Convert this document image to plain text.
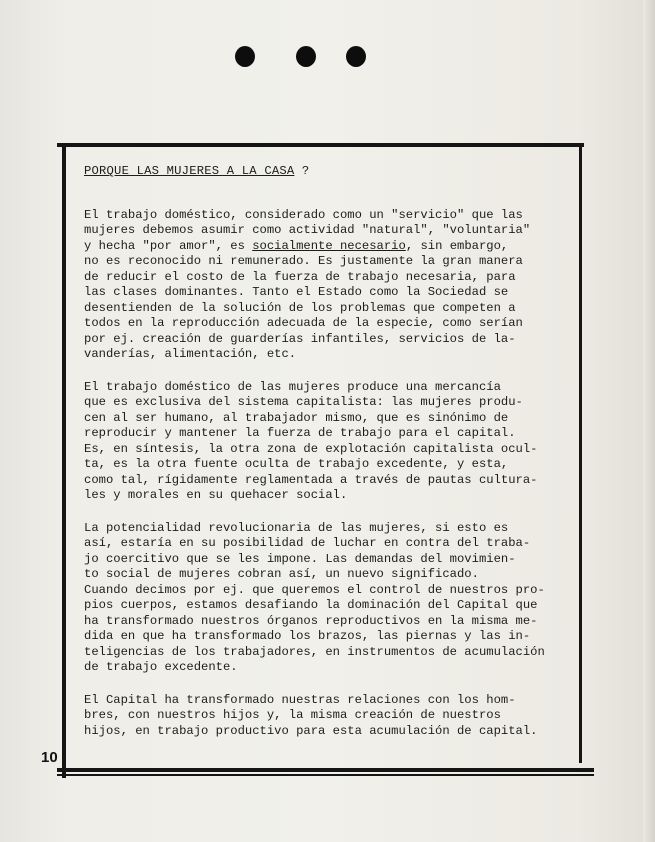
10
PORQUE LAS MUJERES A LA CASA ?
El trabajo doméstico, considerado como un "servicio" que las
mujeres debemos asumir como actividad "natural", "voluntaria"
y hecha "por amor", es socialmente necesario, sin embargo,
no es reconocido ni remunerado. Es justamente la gran manera
de reducir el costo de la fuerza de trabajo necesaria, para
las clases dominantes. Tanto el Estado como la Sociedad se
desentienden de la solución de los problemas que competen a
todos en la reproducción adecuada de la especie, como serían
por ej. creación de guarderías infantiles, servicios de la-
vanderías, alimentación, etc.
El trabajo doméstico de las mujeres produce una mercancía
que es exclusiva del sistema capitalista: las mujeres produ-
cen al ser humano, al trabajador mismo, que es sinónimo de
reproducir y mantener la fuerza de trabajo para el capital.
Es, en síntesis, la otra zona de explotación capitalista ocul-
ta, es la otra fuente oculta de trabajo excedente, y esta,
como tal, rígidamente reglamentada a través de pautas cultura-
les y morales en su quehacer social.
La potencialidad revolucionaria de las mujeres, si esto es
así, estaría en su posibilidad de luchar en contra del traba-
jo coercitivo que se les impone. Las demandas del movimien-
to social de mujeres cobran así, un nuevo significado.
Cuando decimos por ej. que queremos el control de nuestros pro-
pios cuerpos, estamos desafiando la dominación del Capital que
ha transformado nuestros órganos reproductivos en la misma me-
dida en que ha transformado los brazos, las piernas y las in-
teligencias de los trabajadores, en instrumentos de acumulación
de trabajo excedente.
El Capital ha transformado nuestras relaciones con los hom-
bres, con nuestros hijos y, la misma creación de nuestros
hijos, en trabajo productivo para esta acumulación de capital.
